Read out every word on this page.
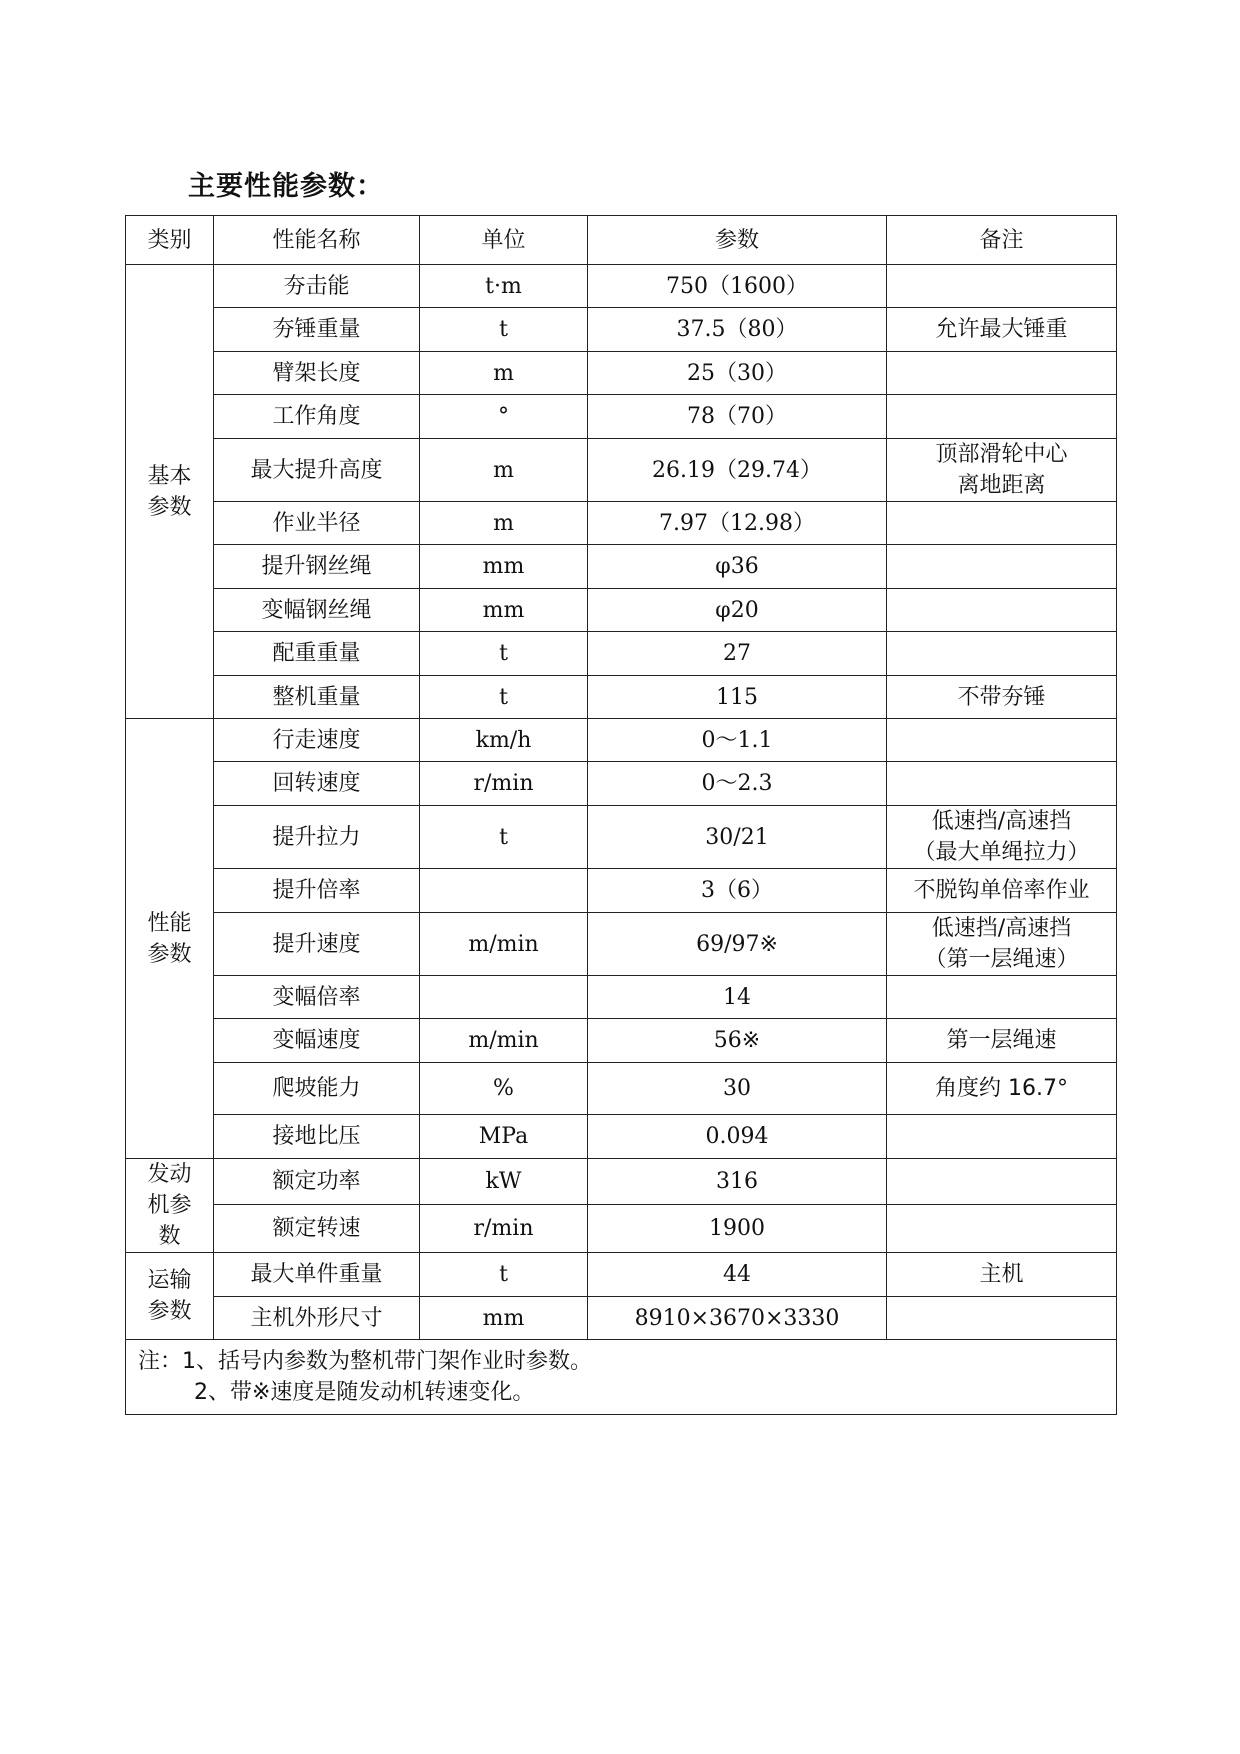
主要性能参数：
类别	性能名称	单位	参数	备注

基本
参数	夯击能	t·m	750（1600）	
	夯锤重量	t	37.5（80）	允许最大锤重

	臂架长度	m	25（30）	
	工作角度	°	78（70）	
	最大提升高度	m	26.19（29.74）	顶部滑轮中心
离地距离

	作业半径	m	7.97（12.98）	
	提升钢丝绳	mm	φ36	
	变幅钢丝绳	mm	φ20	
	配重重量	t	27	
	整机重量	t	115	不带夯锤

性能
参数	行走速度	km/h	0～1.1	
	回转速度	r/min	0～2.3	
	提升拉力	t	30/21	低速挡/高速挡
（最大单绳拉力）

	提升倍率		3（6）	不脱钩单倍率作业

	提升速度	m/min	69/97※	低速挡/高速挡
（第一层绳速）

	变幅倍率		14	
	变幅速度	m/min	56※	第一层绳速

	爬坡能力	%	30	角度约 16.7°

	接地比压	MPa	0.094	

发动
机参
数	额定功率	kW	316	
	额定转速	r/min	1900	

运输
参数	最大单件重量	t	44	主机

	主机外形尺寸	mm	8910×3670×3330	

注：1、括号内参数为整机带门架作业时参数。
2、带※速度是随发动机转速变化。				
